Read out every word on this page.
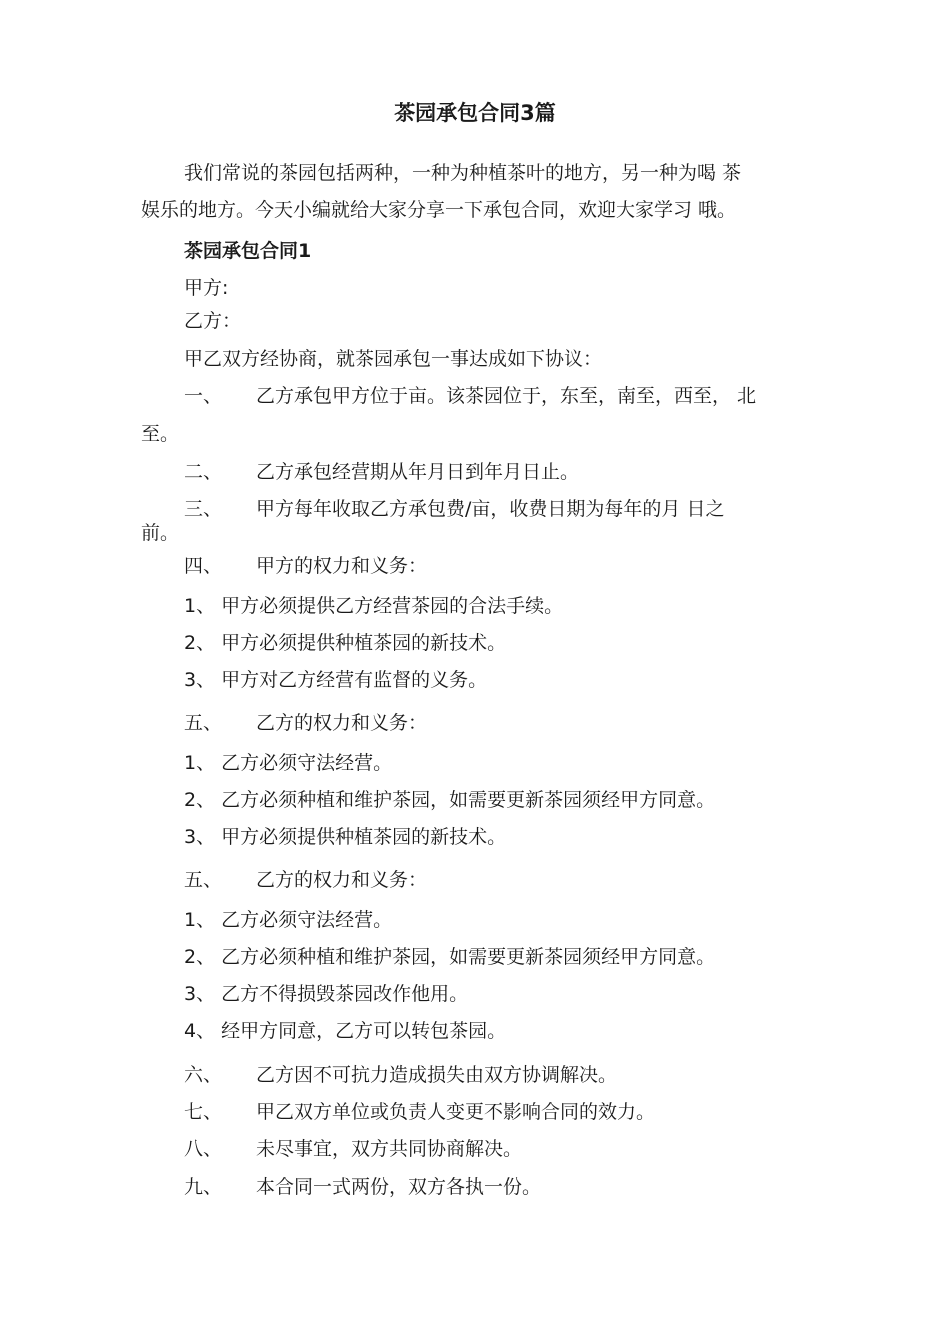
茶园承包合同3篇
我们常说的茶园包括两种，一种为种植茶叶的地方，另一种为喝 茶
娱乐的地方。今天小编就给大家分享一下承包合同，欢迎大家学习 哦。
茶园承包合同1
甲方:
乙方：
甲乙双方经协商，就茶园承包一事达成如下协议：
一、 乙方承包甲方位于亩。该茶园位于，东至，南至，西至， 北
至。
二、 乙方承包经营期从年月日到年月日止。
三、 甲方每年收取乙方承包费/亩，收费日期为每年的月 日之
前。
四、 甲方的权力和义务：
1、 甲方必须提供乙方经营茶园的合法手续。
2、 甲方必须提供种植茶园的新技术。
3、 甲方对乙方经营有监督的义务。
五、 乙方的权力和义务：
1、 乙方必须守法经营。
2、 乙方必须种植和维护茶园，如需要更新茶园须经甲方同意。
3、 甲方必须提供种植茶园的新技术。
五、 乙方的权力和义务：
1、 乙方必须守法经营。
2、 乙方必须种植和维护茶园，如需要更新茶园须经甲方同意。
3、 乙方不得损毁茶园改作他用。
4、 经甲方同意，乙方可以转包茶园。
六、 乙方因不可抗力造成损失由双方协调解决。
七、 甲乙双方单位或负责人变更不影响合同的效力。
八、 未尽事宜，双方共同协商解决。
九、 本合同一式两份，双方各执一份。
